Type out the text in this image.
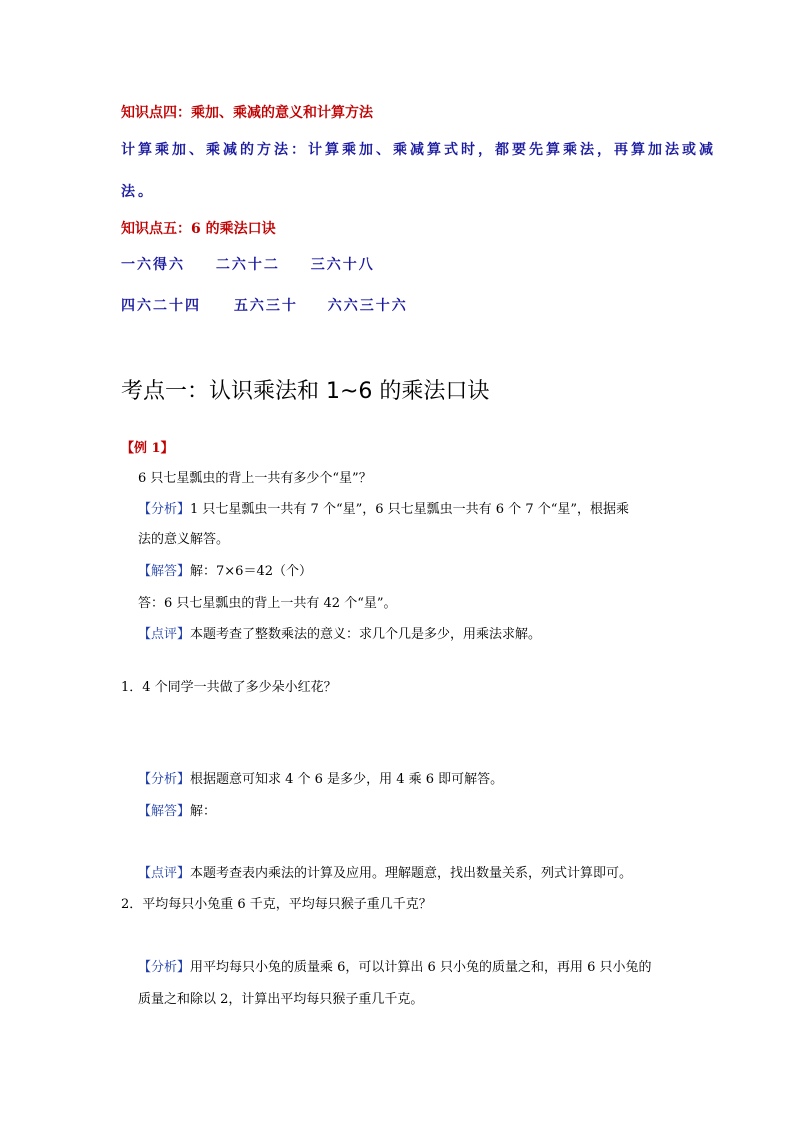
知识点四：乘加、乘减的意义和计算方法
计算乘加、乘减的方法：计算乘加、乘减算式时，都要先算乘法，再算加法或减
法。
知识点五：6 的乘法口诀
一六得六 二六十二 三六十八
四六二十四 五六三十 六六三十六
考点一：认识乘法和 1~6 的乘法口诀
【例 1】
6 只七星瓢虫的背上一共有多少个“星”？
【分析】1 只七星瓢虫一共有 7 个“星”，6 只七星瓢虫一共有 6 个 7 个“星”，根据乘
法的意义解答。
【解答】解：7×6＝42（个）
答：6 只七星瓢虫的背上一共有 42 个“星”。
【点评】本题考查了整数乘法的意义：求几个几是多少，用乘法求解。
1．4 个同学一共做了多少朵小红花？
【分析】根据题意可知求 4 个 6 是多少，用 4 乘 6 即可解答。
【解答】解：
【点评】本题考查表内乘法的计算及应用。理解题意，找出数量关系，列式计算即可。
2．平均每只小兔重 6 千克，平均每只猴子重几千克？
【分析】用平均每只小兔的质量乘 6，可以计算出 6 只小兔的质量之和，再用 6 只小兔的
质量之和除以 2，计算出平均每只猴子重几千克。
